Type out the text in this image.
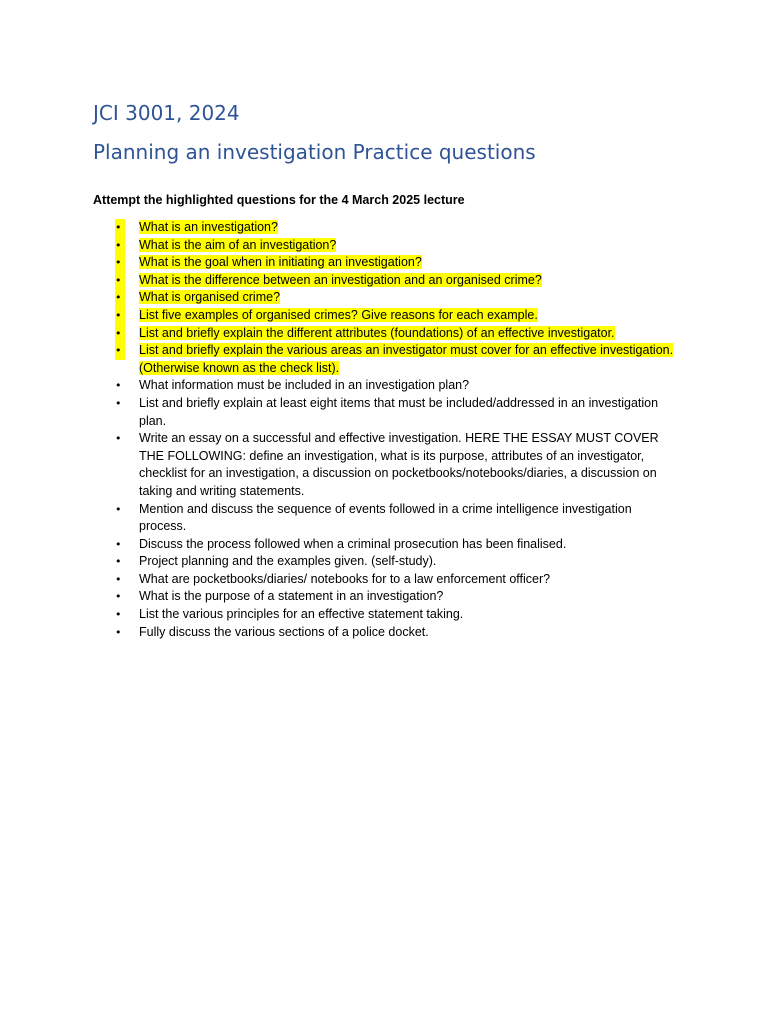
JCI 3001, 2024
Planning an investigation Practice questions

Attempt the highlighted questions for the 4 March 2025 lecture

• What is an investigation?
• What is the aim of an investigation?
• What is the goal when in initiating an investigation?
• What is the difference between an investigation and an organised crime?
• What is organised crime?
• List five examples of organised crimes? Give reasons for each example.
• List and briefly explain the different attributes (foundations) of an effective investigator.
• List and briefly explain the various areas an investigator must cover for an effective investigation. (Otherwise known as the check list).
• What information must be included in an investigation plan?
• List and briefly explain at least eight items that must be included/addressed in an investigation plan.
• Write an essay on a successful and effective investigation. HERE THE ESSAY MUST COVER THE FOLLOWING: define an investigation, what is its purpose, attributes of an investigator, checklist for an investigation, a discussion on pocketbooks/notebooks/diaries, a discussion on taking and writing statements.
• Mention and discuss the sequence of events followed in a crime intelligence investigation process.
• Discuss the process followed when a criminal prosecution has been finalised.
• Project planning and the examples given. (self-study).
• What are pocketbooks/diaries/ notebooks for to a law enforcement officer?
• What is the purpose of a statement in an investigation?
• List the various principles for an effective statement taking.
• Fully discuss the various sections of a police docket.
